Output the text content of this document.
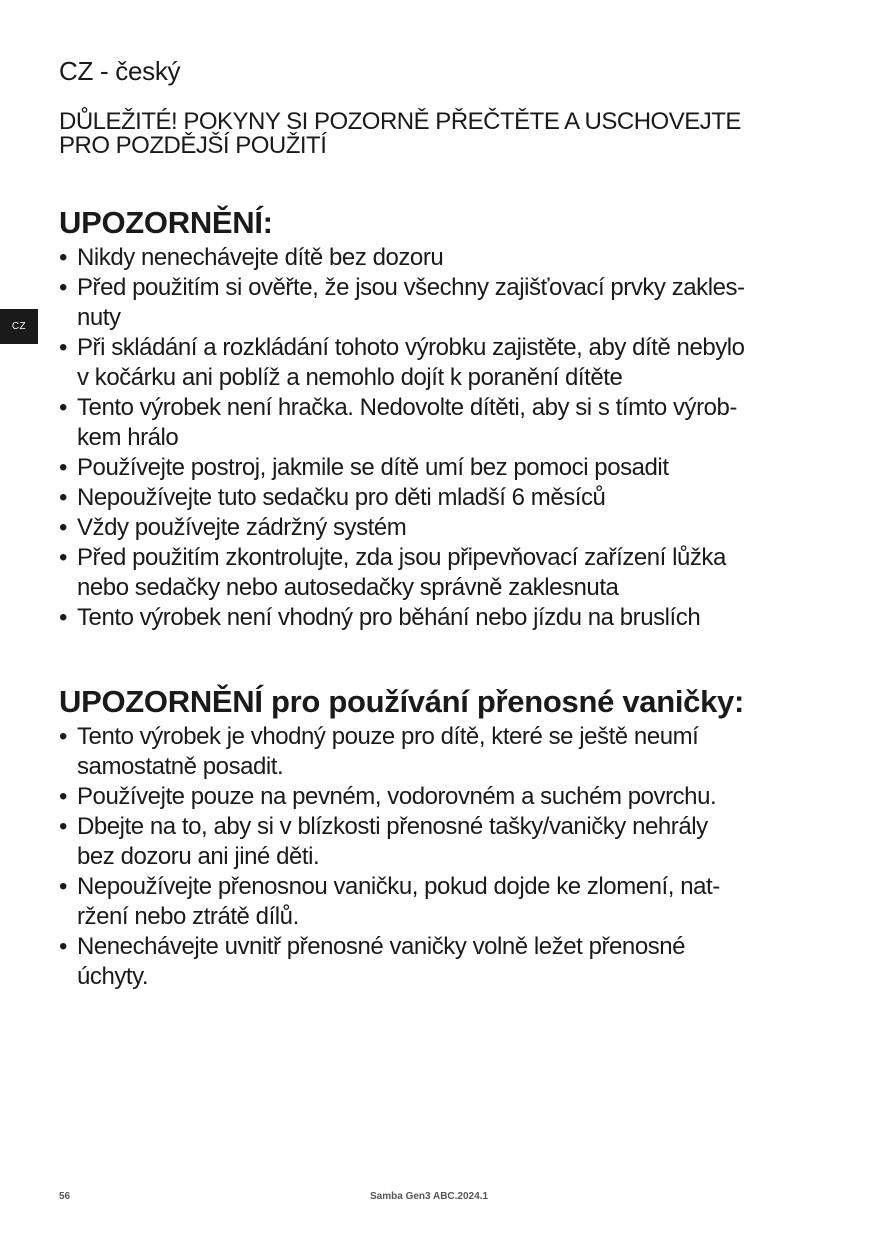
CZ - český
DŮLEŽITÉ! POKYNY SI POZORNĚ PŘEČTĚTE A USCHOVEJTE
PRO POZDĚJŠÍ POUŽITÍ
CZ
UPOZORNĚNÍ:
• Nikdy nenechávejte dítě bez dozoru
• Před použitím si ověřte, že jsou všechny zajišťovací prvky zakles-
nuty
• Při skládání a rozkládání tohoto výrobku zajistěte, aby dítě nebylo
v kočárku ani poblíž a nemohlo dojít k poranění dítěte
• Tento výrobek není hračka. Nedovolte dítěti, aby si s tímto výrob-
kem hrálo
• Používejte postroj, jakmile se dítě umí bez pomoci posadit
• Nepoužívejte tuto sedačku pro děti mladší 6 měsíců
• Vždy používejte zádržný systém
• Před použitím zkontrolujte, zda jsou připevňovací zařízení lůžka
nebo sedačky nebo autosedačky správně zaklesnuta
• Tento výrobek není vhodný pro běhání nebo jízdu na bruslích
UPOZORNĚNÍ pro používání přenosné vaničky:
• Tento výrobek je vhodný pouze pro dítě, které se ještě neumí
samostatně posadit.
• Používejte pouze na pevném, vodorovném a suchém povrchu.
• Dbejte na to, aby si v blízkosti přenosné tašky/vaničky nehrály
bez dozoru ani jiné děti.
• Nepoužívejte přenosnou vaničku, pokud dojde ke zlomení, nat-
ržení nebo ztrátě dílů.
• Nenechávejte uvnitř přenosné vaničky volně ležet přenosné
úchyty.
56	Samba Gen3 ABC.2024.1
